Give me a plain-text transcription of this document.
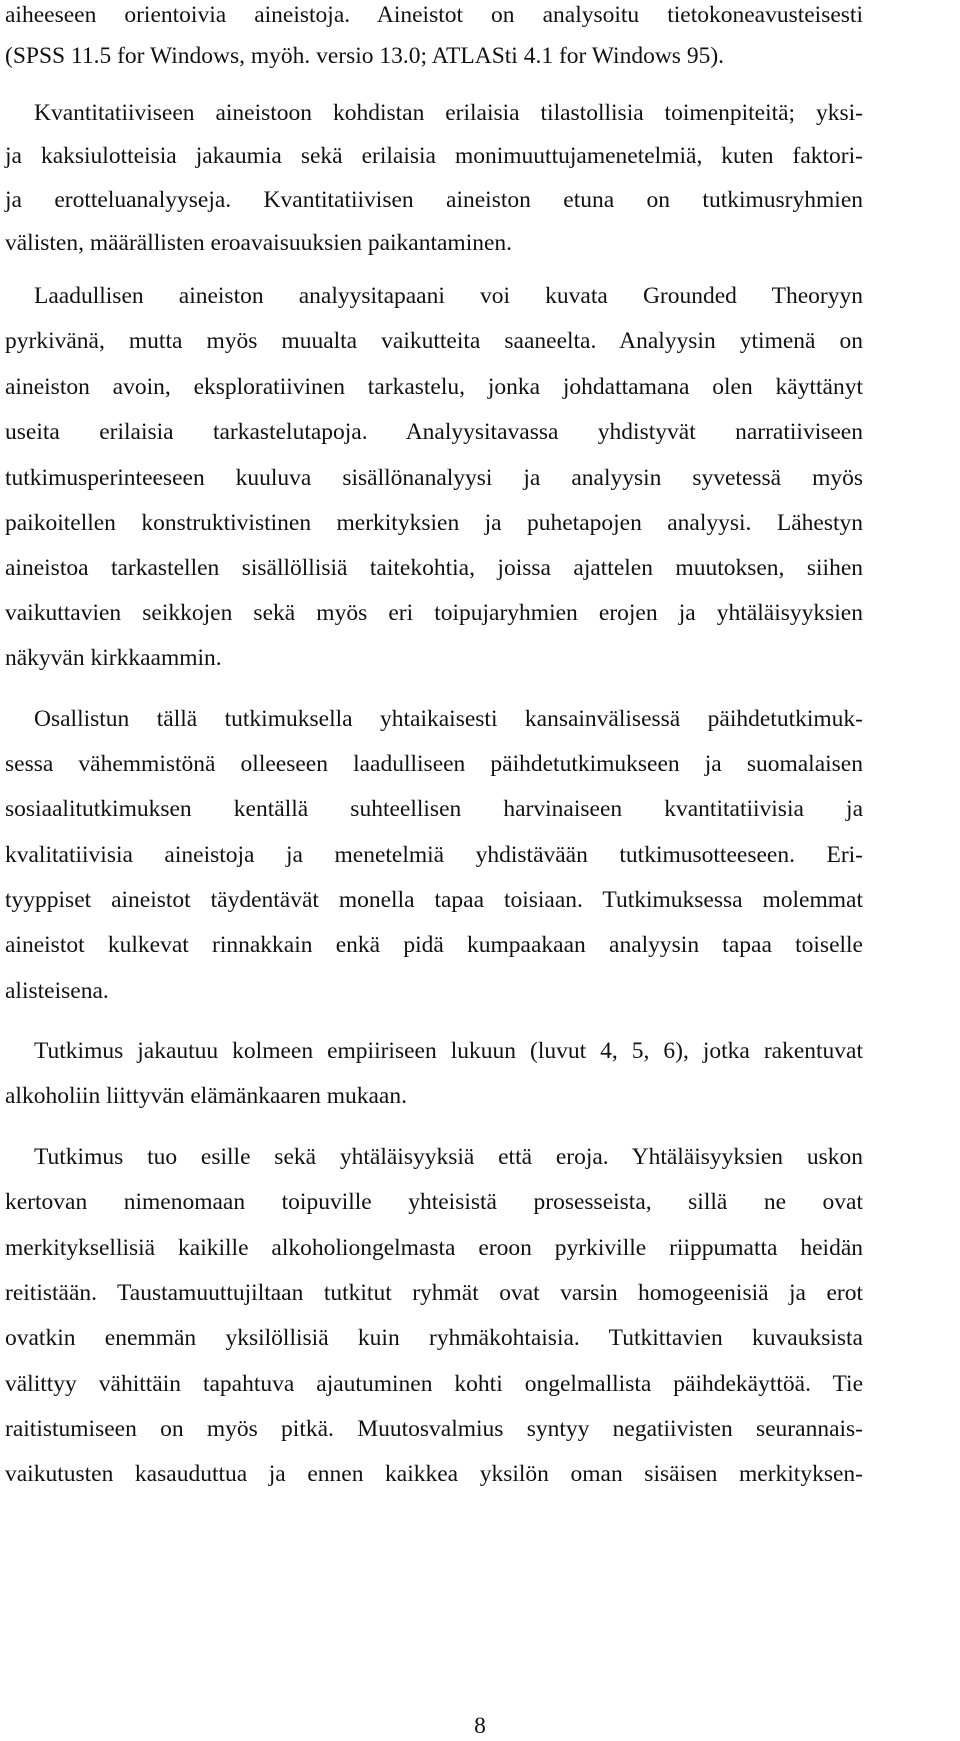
aiheeseen orientoivia aineistoja. Aineistot on analysoitu tietokoneavusteisesti
(SPSS 11.5 for Windows, myöh. versio 13.0; ATLASti 4.1 for Windows 95).
Kvantitatiiviseen aineistoon kohdistan erilaisia tilastollisia toimenpiteitä; yksi-
ja kaksiulotteisia jakaumia sekä erilaisia monimuuttujamenetelmiä, kuten faktori-
ja erotteluanalyyseja. Kvantitatiivisen aineiston etuna on tutkimusryhmien
välisten, määrällisten eroavaisuuksien paikantaminen.
Laadullisen aineiston analyysitapaani voi kuvata Grounded Theoryyn
pyrkivänä, mutta myös muualta vaikutteita saaneelta. Analyysin ytimenä on
aineiston avoin, eksploratiivinen tarkastelu, jonka johdattamana olen käyttänyt
useita erilaisia tarkastelutapoja. Analyysitavassa yhdistyvät narratiiviseen
tutkimusperinteeseen kuuluva sisällönanalyysi ja analyysin syvetessä myös
paikoitellen konstruktivistinen merkityksien ja puhetapojen analyysi. Lähestyn
aineistoa tarkastellen sisällöllisiä taitekohtia, joissa ajattelen muutoksen, siihen
vaikuttavien seikkojen sekä myös eri toipujaryhmien erojen ja yhtäläisyyksien
näkyvän kirkkaammin.
Osallistun tällä tutkimuksella yhtaikaisesti kansainvälisessä päihdetutkimuk-
sessa vähemmistönä olleeseen laadulliseen päihdetutkimukseen ja suomalaisen
sosiaalitutkimuksen kentällä suhteellisen harvinaiseen kvantitatiivisia ja
kvalitatiivisia aineistoja ja menetelmiä yhdistävään tutkimusotteeseen. Eri-
tyyppiset aineistot täydentävät monella tapaa toisiaan. Tutkimuksessa molemmat
aineistot kulkevat rinnakkain enkä pidä kumpaakaan analyysin tapaa toiselle
alisteisena.
Tutkimus jakautuu kolmeen empiiriseen lukuun (luvut 4, 5, 6), jotka rakentuvat
alkoholiin liittyvän elämänkaaren mukaan.
Tutkimus tuo esille sekä yhtäläisyyksiä että eroja. Yhtäläisyyksien uskon
kertovan nimenomaan toipuville yhteisistä prosesseista, sillä ne ovat
merkityksellisiä kaikille alkoholiongelmasta eroon pyrkiville riippumatta heidän
reitistään. Taustamuuttujiltaan tutkitut ryhmät ovat varsin homogeenisiä ja erot
ovatkin enemmän yksilöllisiä kuin ryhmäkohtaisia. Tutkittavien kuvauksista
välittyy vähittäin tapahtuva ajautuminen kohti ongelmallista päihdekäyttöä. Tie
raitistumiseen on myös pitkä. Muutosvalmius syntyy negatiivisten seurannais-
vaikutusten kasauduttua ja ennen kaikkea yksilön oman sisäisen merkityksen-
8
